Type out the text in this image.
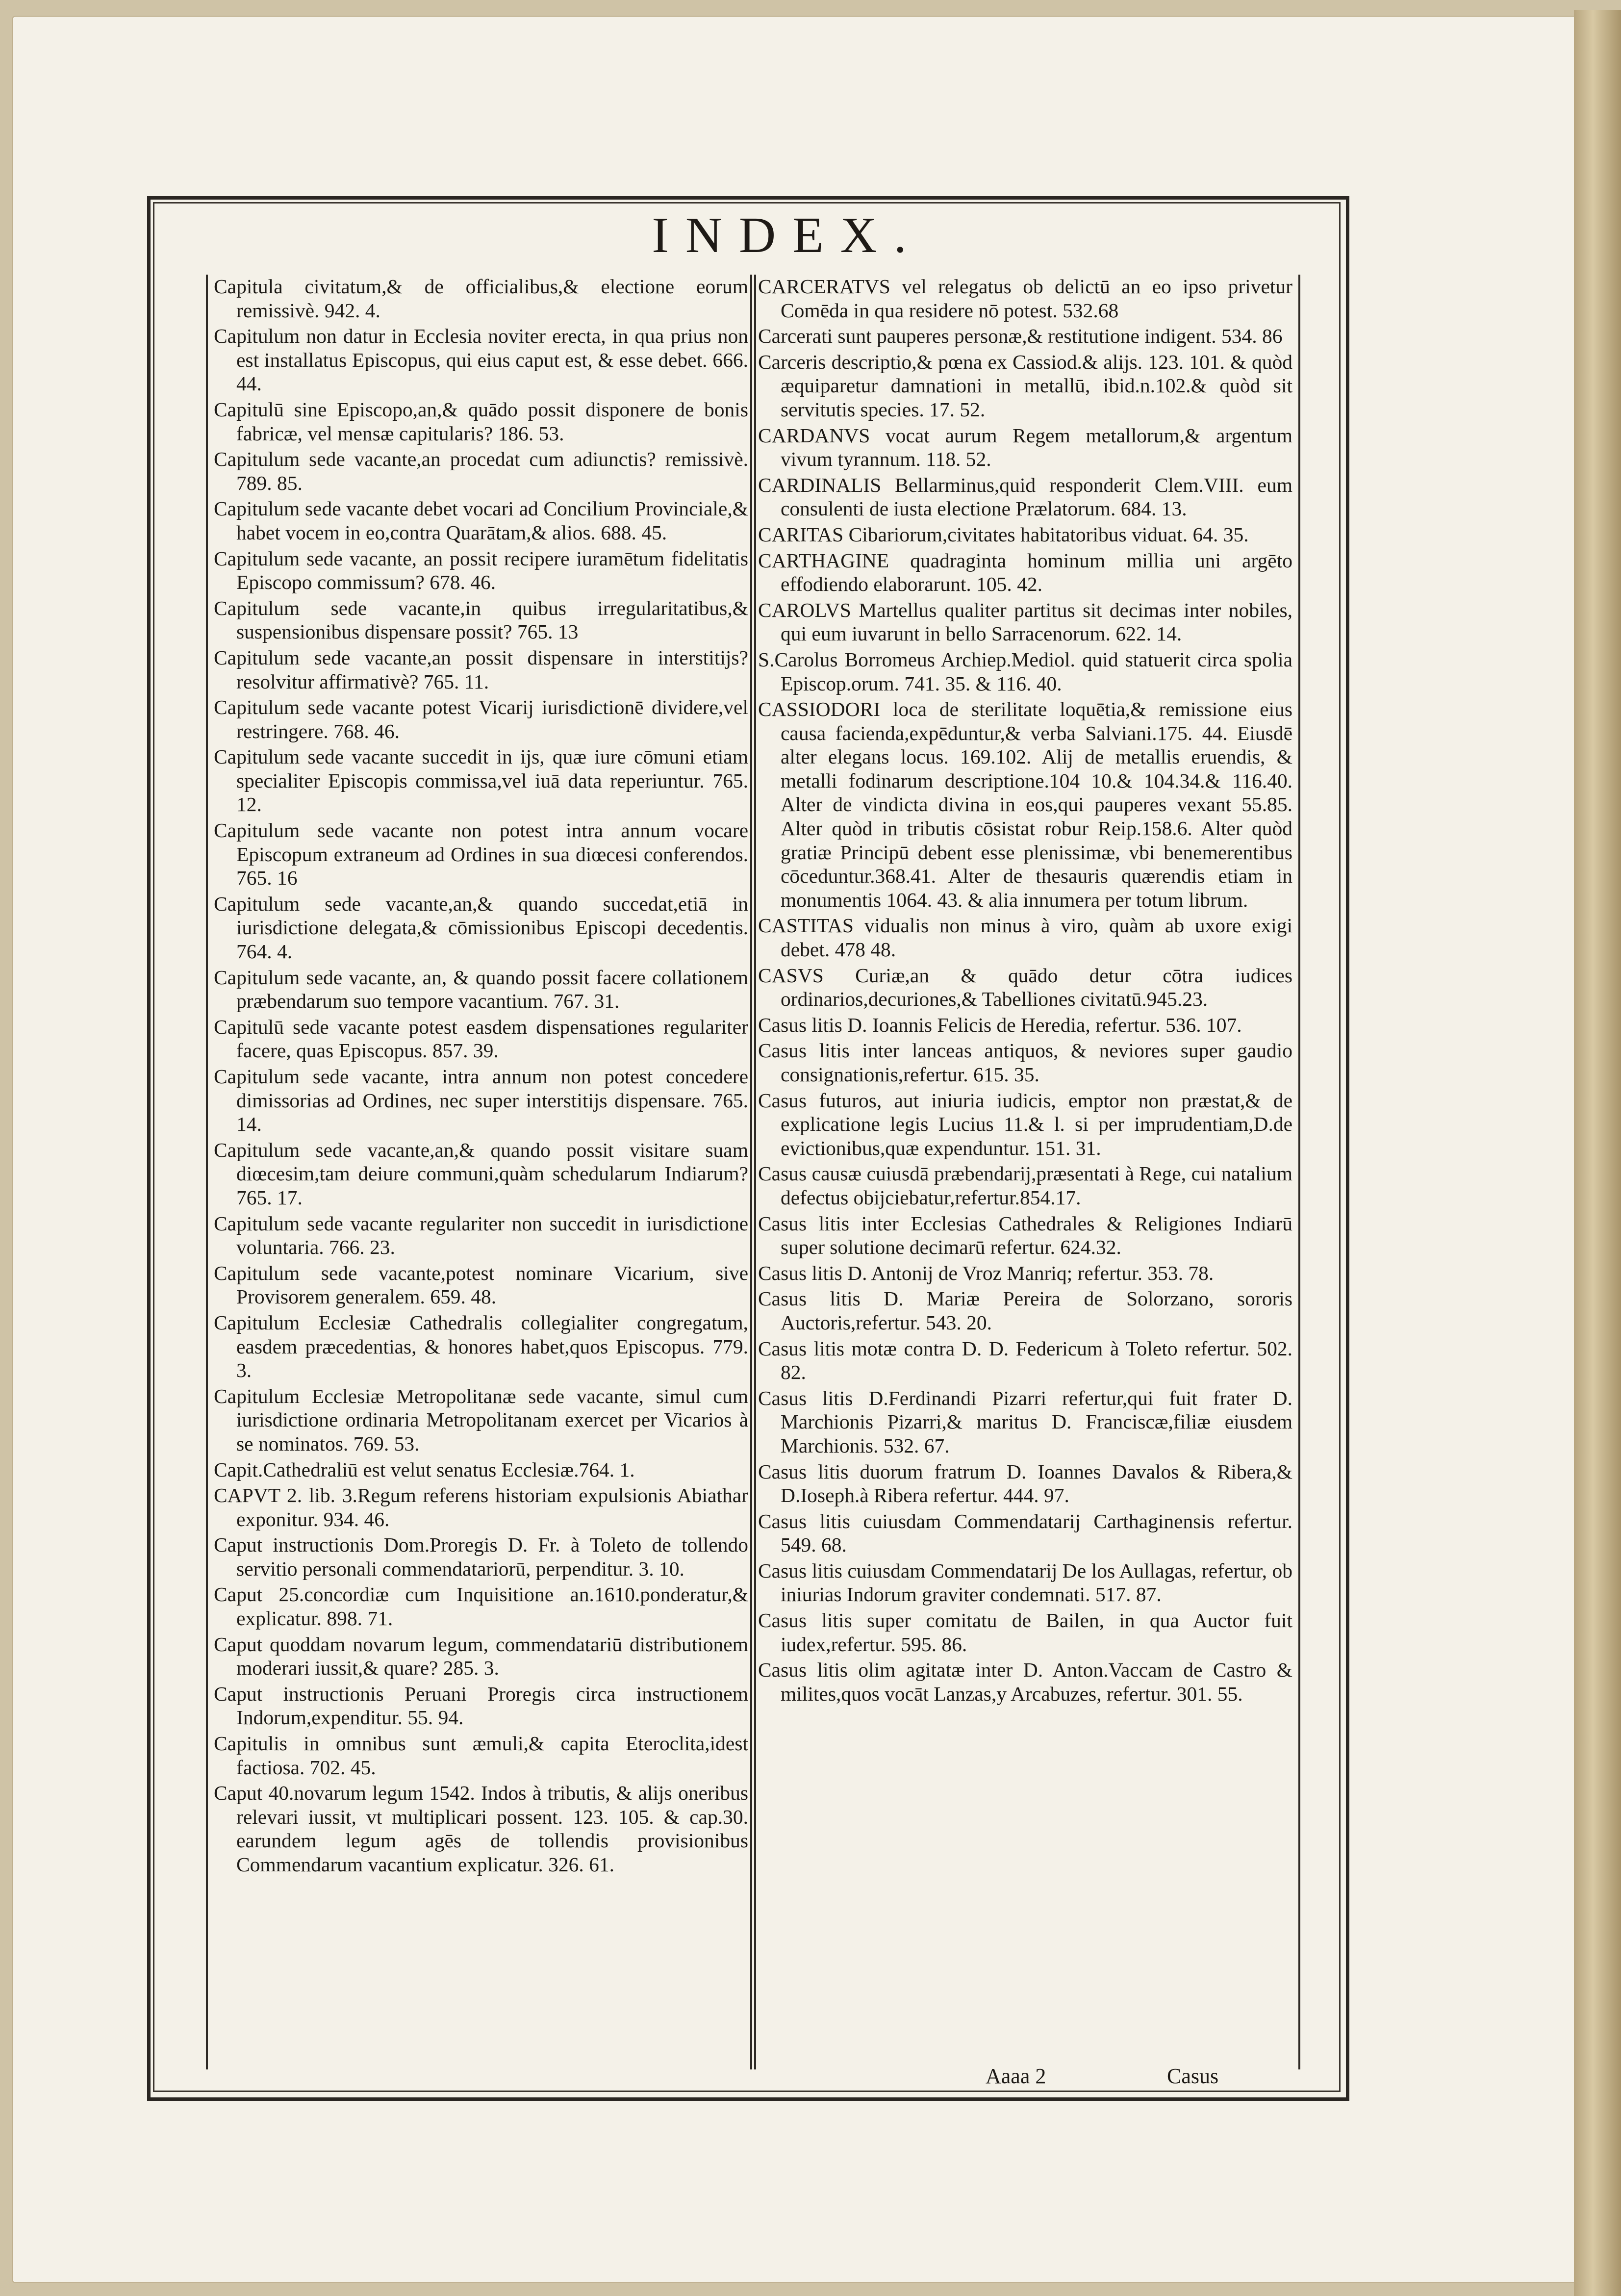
INDEX.

Capitula civitatum,& de officialibus,& electione eorum remissivè. 942. 4.

Capitulum non datur in Ecclesia noviter erecta, in qua prius non est installatus Episcopus, qui eius caput est, & esse debet. 666. 44.

Capitulū sine Episcopo,an,& quādo possit disponere de bonis fabricæ, vel mensæ capitularis? 186. 53.

Capitulum sede vacante,an procedat cum adiunctis? remissivè. 789. 85.

Capitulum sede vacante debet vocari ad Concilium Provinciale,& habet vocem in eo,contra Quarātam,& alios. 688. 45.

Capitulum sede vacante, an possit recipere iuramētum fidelitatis Episcopo commissum? 678. 46.

Capitulum sede vacante,in quibus irregularitatibus,& suspensionibus dispensare possit? 765. 13

Capitulum sede vacante,an possit dispensare in interstitijs?resolvitur affirmativè? 765. 11.

Capitulum sede vacante potest Vicarij iurisdictionē dividere,vel restringere. 768. 46.

Capitulum sede vacante succedit in ijs, quæ iure cōmuni etiam specialiter Episcopis commissa,vel iuā data reperiuntur. 765. 12.

Capitulum sede vacante non potest intra annum vocare Episcopum extraneum ad Ordines in sua diœcesi conferendos. 765. 16

Capitulum sede vacante,an,& quando succedat,etiā in iurisdictione delegata,& cōmissionibus Episcopi decedentis. 764. 4.

Capitulum sede vacante, an, & quando possit facere collationem præbendarum suo tempore vacantium. 767. 31.

Capitulū sede vacante potest easdem dispensationes regulariter facere, quas Episcopus. 857. 39.

Capitulum sede vacante, intra annum non potest concedere dimissorias ad Ordines, nec super interstitijs dispensare. 765. 14.

Capitulum sede vacante,an,& quando possit visitare suam diœcesim,tam deiure communi,quàm schedularum Indiarum? 765. 17.

Capitulum sede vacante regulariter non succedit in iurisdictione voluntaria. 766. 23.

Capitulum sede vacante,potest nominare Vicarium, sive Provisorem generalem. 659. 48.

Capitulum Ecclesiæ Cathedralis collegialiter congregatum, easdem præcedentias, & honores habet,quos Episcopus. 779. 3.

Capitulum Ecclesiæ Metropolitanæ sede vacante, simul cum iurisdictione ordinaria Metropolitanam exercet per Vicarios à se nominatos. 769. 53.

Capit.Cathedraliū est velut senatus Ecclesiæ.764. 1.

CAPVT 2. lib. 3.Regum referens historiam expulsionis Abiathar exponitur. 934. 46.

Caput instructionis Dom.Proregis D. Fr. à Toleto de tollendo servitio personali commendatariorū, perpenditur. 3. 10.

Caput 25.concordiæ cum Inquisitione an.1610.ponderatur,& explicatur. 898. 71.

Caput quoddam novarum legum, commendatariū distributionem moderari iussit,& quare? 285. 3.

Caput instructionis Peruani Proregis circa instructionem Indorum,expenditur. 55. 94.

Capitulis in omnibus sunt æmuli,& capita Eteroclita,idest factiosa. 702. 45.

Caput 40.novarum legum 1542. Indos à tributis, & alijs oneribus relevari iussit, vt multiplicari possent. 123. 105. & cap.30. earundem legum agēs de tollendis provisionibus Commendarum vacantium explicatur. 326. 61.

CARCERATVS vel relegatus ob delictū an eo ipso privetur Comēda in qua residere nō potest. 532.68

Carcerati sunt pauperes personæ,& restitutione indigent. 534. 86

Carceris descriptio,& pœna ex Cassiod.& alijs. 123. 101. & quòd æquiparetur damnationi in metallū, ibid.n.102.& quòd sit servitutis species. 17. 52.

CARDANVS vocat aurum Regem metallorum,& argentum vivum tyrannum. 118. 52.

CARDINALIS Bellarminus,quid responderit Clem.VIII. eum consulenti de iusta electione Prælatorum. 684. 13.

CARITAS Cibariorum,civitates habitatoribus viduat. 64. 35.

CARTHAGINE quadraginta hominum millia uni argēto effodiendo elaborarunt. 105. 42.

CAROLVS Martellus qualiter partitus sit decimas inter nobiles, qui eum iuvarunt in bello Sarracenorum. 622. 14.

S.Carolus Borromeus Archiep.Mediol. quid statuerit circa spolia Episcop.orum. 741. 35. & 116. 40.

CASSIODORI loca de sterilitate loquētia,& remissione eius causa facienda,expēduntur,& verba Salviani.175. 44. Eiusdē alter elegans locus. 169.102. Alij de metallis eruendis, & metalli fodinarum descriptione.104 10.& 104.34.& 116.40. Alter de vindicta divina in eos,qui pauperes vexant 55.85. Alter quòd in tributis cōsistat robur Reip.158.6. Alter quòd gratiæ Principū debent esse plenissimæ, vbi benemerentibus cōceduntur.368.41. Alter de thesauris quærendis etiam in monumentis 1064. 43. & alia innumera per totum librum.

CASTITAS vidualis non minus à viro, quàm ab uxore exigi debet. 478 48.

CASVS Curiæ,an & quādo detur cōtra iudices ordinarios,decuriones,& Tabelliones civitatū.945.23.

Casus litis D. Ioannis Felicis de Heredia, refertur. 536. 107.

Casus litis inter lanceas antiquos, & neviores super gaudio consignationis,refertur. 615. 35.

Casus futuros, aut iniuria iudicis, emptor non præstat,& de explicatione legis Lucius 11.& l. si per imprudentiam,D.de evictionibus,quæ expenduntur. 151. 31.

Casus causæ cuiusdā præbendarij,præsentati à Rege, cui natalium defectus obijciebatur,refertur.854.17.

Casus litis inter Ecclesias Cathedrales & Religiones Indiarū super solutione decimarū refertur. 624.32.

Casus litis D. Antonij de Vroz Manriq; refertur. 353. 78.

Casus litis D. Mariæ Pereira de Solorzano, sororis Auctoris,refertur. 543. 20.

Casus litis motæ contra D. D. Federicum à Toleto refertur. 502. 82.

Casus litis D.Ferdinandi Pizarri refertur,qui fuit frater D. Marchionis Pizarri,& maritus D. Franciscæ,filiæ eiusdem Marchionis. 532. 67.

Casus litis duorum fratrum D. Ioannes Davalos & Ribera,& D.Ioseph.à Ribera refertur. 444. 97.

Casus litis cuiusdam Commendatarij Carthaginensis refertur. 549. 68.

Casus litis cuiusdam Commendatarij De los Aullagas, refertur, ob iniurias Indorum graviter condemnati. 517. 87.

Casus litis super comitatu de Bailen, in qua Auctor fuit iudex,refertur. 595. 86.

Casus litis olim agitatæ inter D. Anton.Vaccam de Castro & milites,quos vocāt Lanzas,y Arcabuzes, refertur. 301. 55.

Aaaa 2	Casus
